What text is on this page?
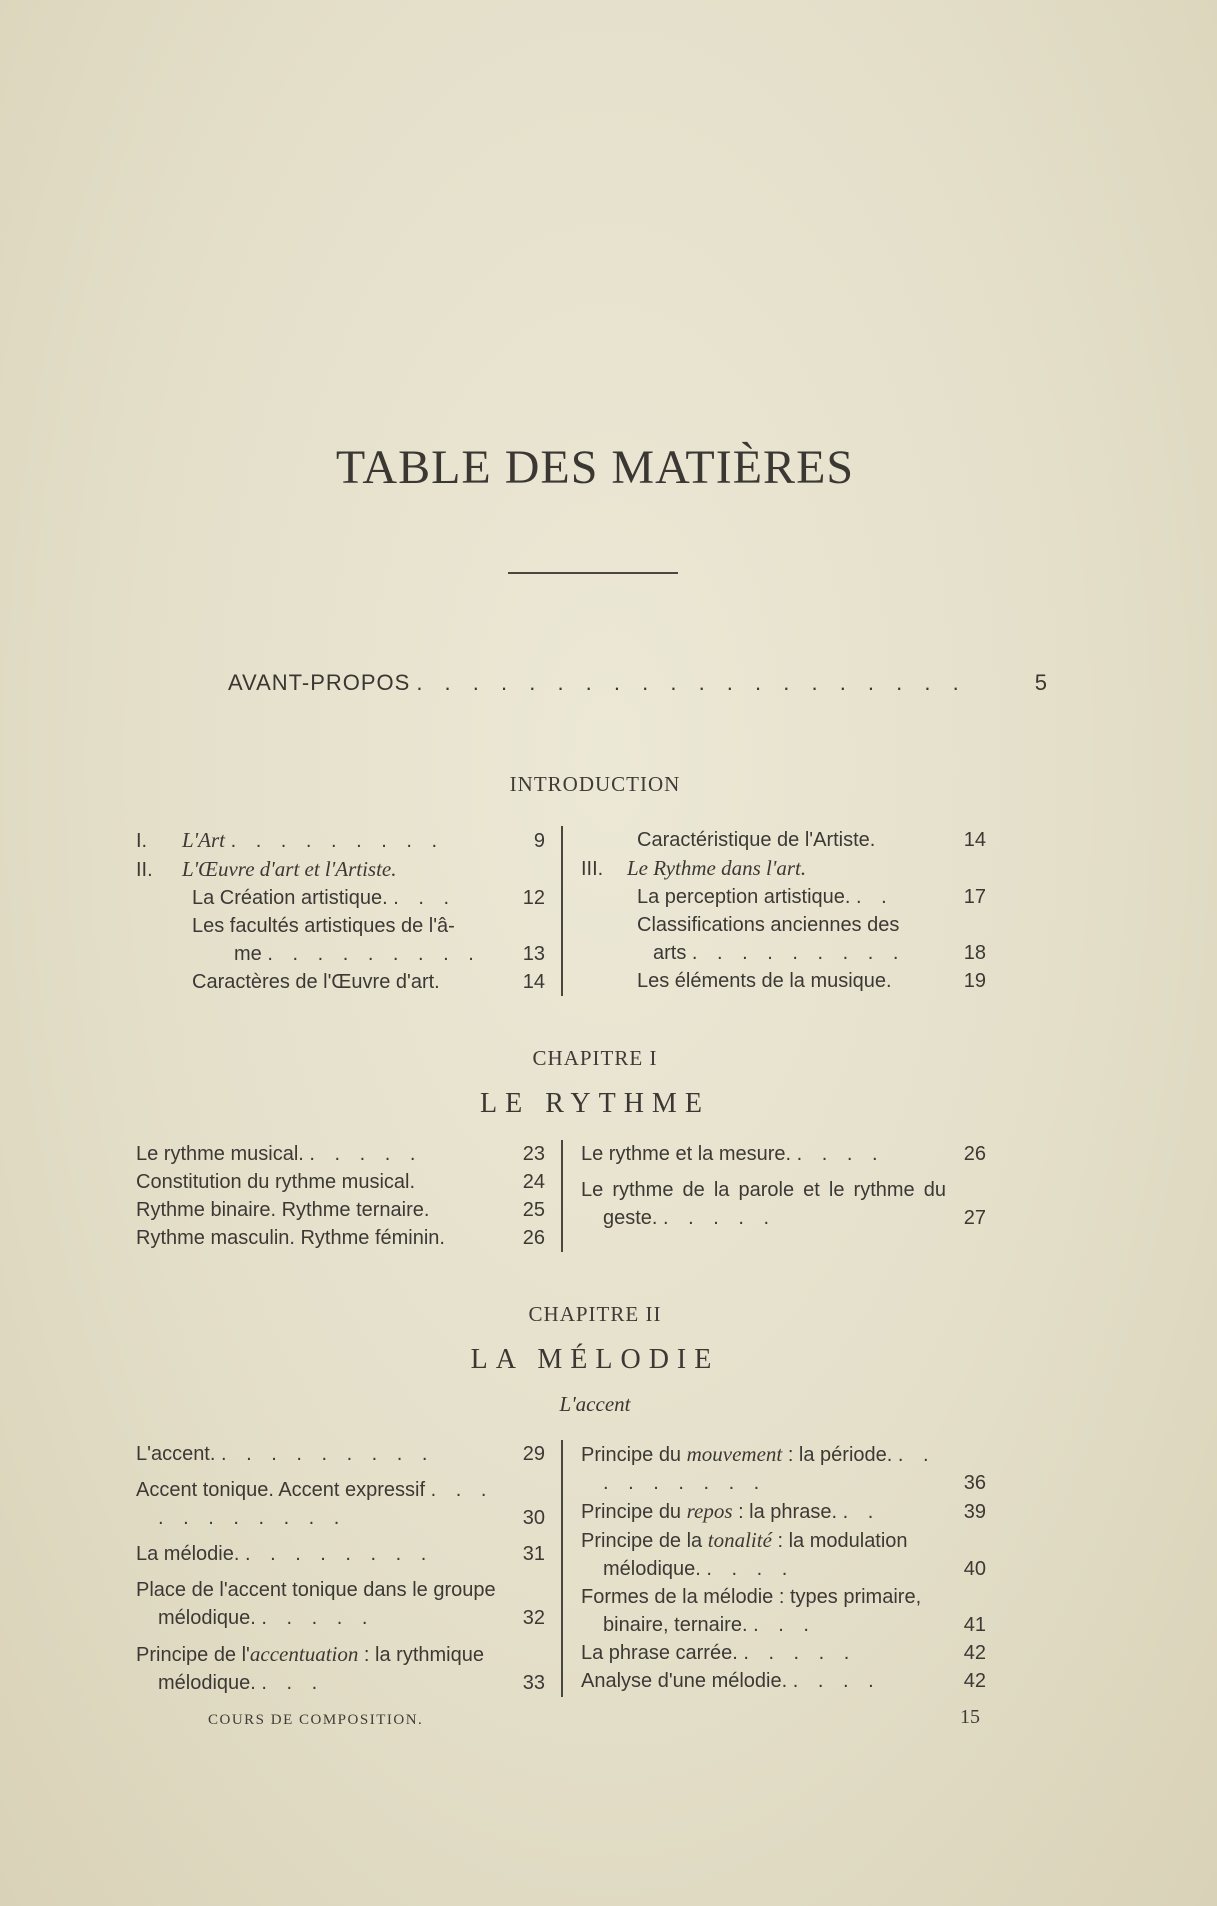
TABLE DES MATIÈRES
AVANT-PROPOS . . . . . . . . . . . . . . . . . . . .	5
INTRODUCTION
I. L'Art . . . . . . . . .	9
II. L'Œuvre d'art et l'Artiste.
La Création artistique. . . .	12
Les facultés artistiques de l'â-
me . . . . . . . . .	13
Caractères de l'Œuvre d'art.	14
Caractéristique de l'Artiste.	14
III. Le Rythme dans l'art.
La perception artistique. . .	17
Classifications anciennes des
arts . . . . . . . . .	18
Les éléments de la musique.	19
CHAPITRE I
LE RYTHME
Le rythme musical. . . . . .	23
Constitution du rythme musical.	24
Rythme binaire. Rythme ternaire.	25
Rythme masculin. Rythme féminin.	26
Le rythme et la mesure. . . . .	26
Le rythme de la parole et le rythme du geste. . . . . .	27
CHAPITRE II
LA MÉLODIE
L'accent
L'accent. . . . . . . . . .	29
Accent tonique. Accent expressif . . . . . . . . . . .	30
La mélodie. . . . . . . . .	31
Place de l'accent tonique dans le groupe mélodique. . . . . .	32
Principe de l'accentuation : la rythmique mélodique. . . .	33
Principe du mouvement : la période. . . . . . . . . .	36
Principe du repos : la phrase. . .	39
Principe de la tonalité : la modulation mélodique. . . . .	40
Formes de la mélodie : types primaire, binaire, ternaire. . . .	41
La phrase carrée. . . . . .	42
Analyse d'une mélodie. . . . .	42
COURS DE COMPOSITION.	15
